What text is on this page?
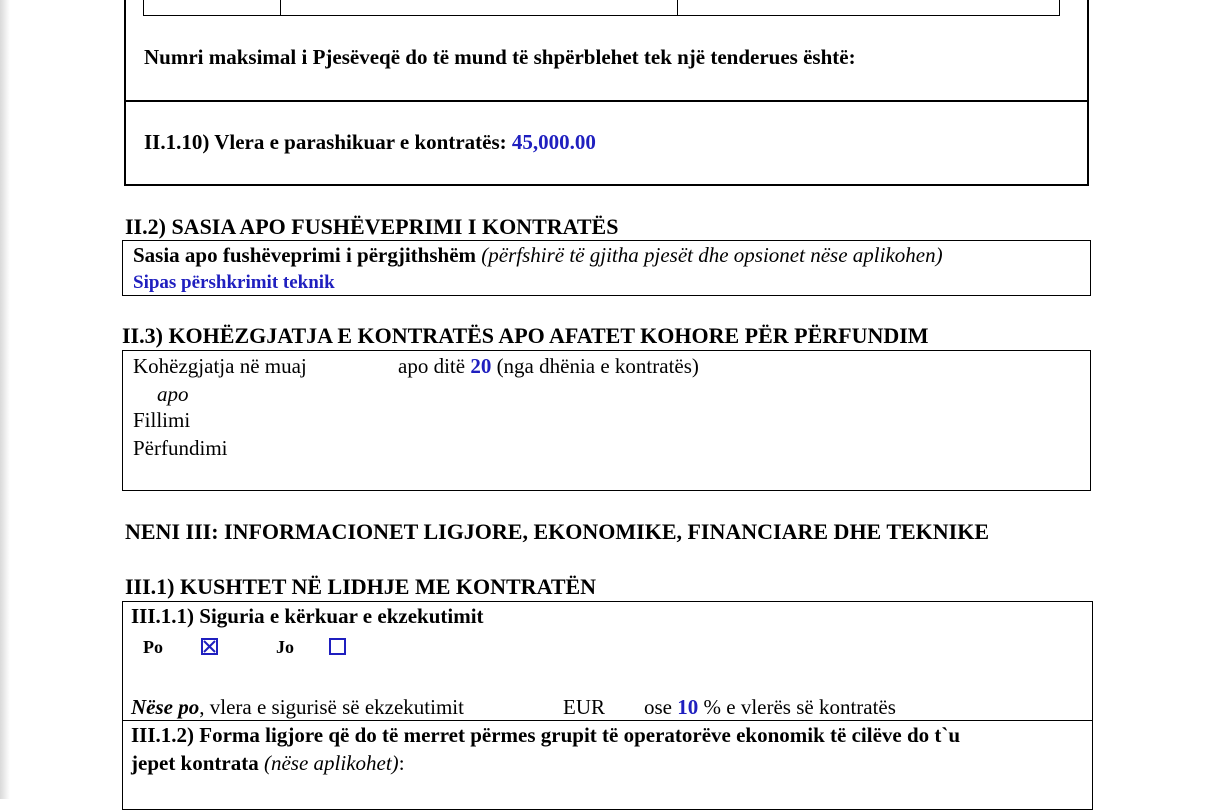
Numri maksimal i Pjesëveqë do të mund të shpërblehet tek një tenderues është:
II.1.10) Vlera e parashikuar e kontratës: 45,000.00
II.2) SASIA APO FUSHËVEPRIMI I KONTRATËS
Sasia apo fushëveprimi i përgjithshëm (përfshirë të gjitha pjesët dhe opsionet nëse aplikohen)
Sipas përshkrimit teknik
II.3) KOHËZGJATJA E KONTRATËS APO AFATET KOHORE PËR PËRFUNDIM
Kohëzgjatja në muaj	apo ditë 20 (nga dhënia e kontratës)
apo
Fillimi
Përfundimi
NENI III: INFORMACIONET LIGJORE, EKONOMIKE, FINANCIARE DHE TEKNIKE
III.1) KUSHTET NË LIDHJE ME KONTRATËN
III.1.1) Siguria e kërkuar e ekzekutimit
Po	Jo
Nëse po, vlera e sigurisë së ekzekutimit	EUR ose 10 % e vlerës së kontratës
III.1.2) Forma ligjore që do të merret përmes grupit të operatorëve ekonomik të cilëve do t`u
jepet kontrata (nëse aplikohet):
